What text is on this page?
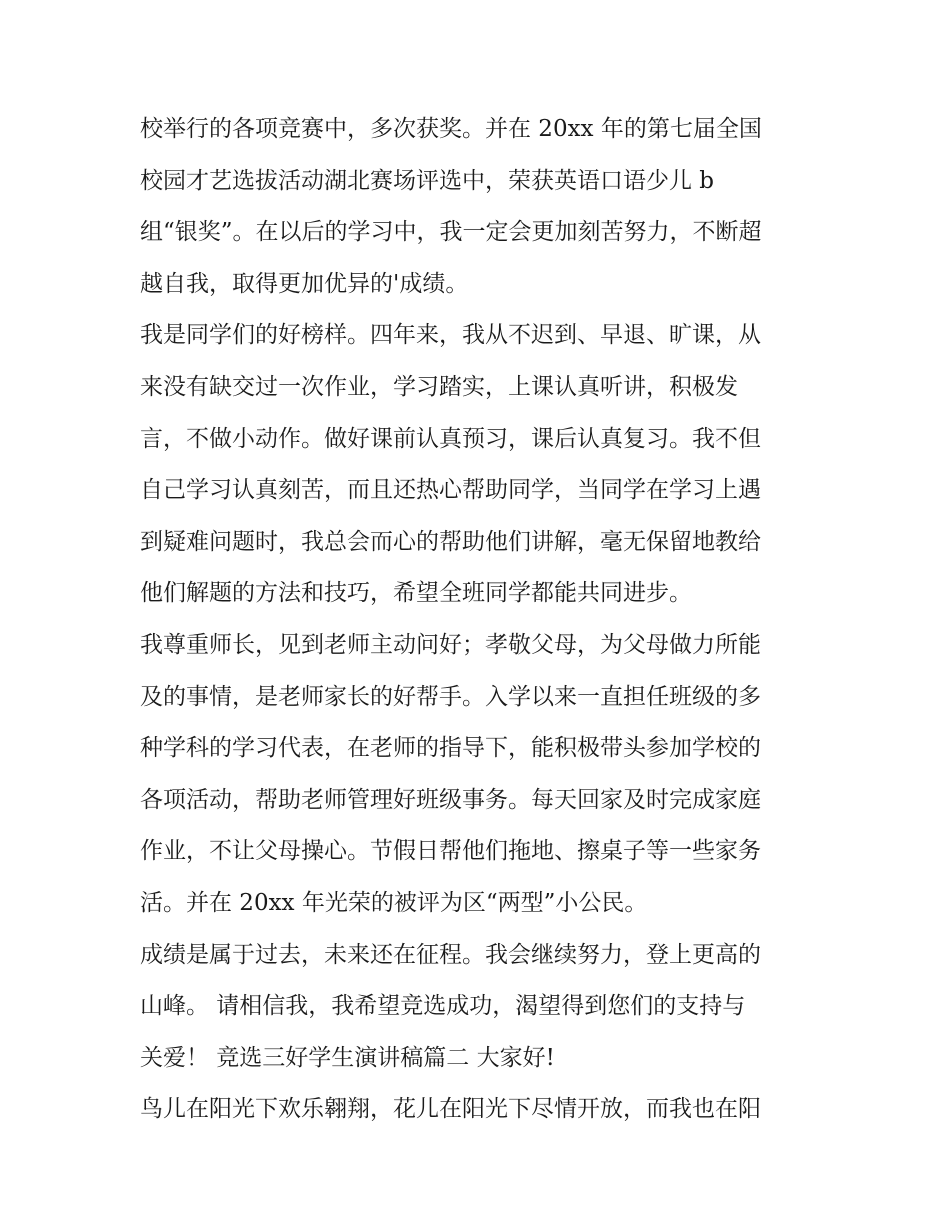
校举行的各项竞赛中，多次获奖。并在 20xx 年的第七届全国
校园才艺选拔活动湖北赛场评选中，荣获英语口语少儿 b
组“银奖”。在以后的学习中，我一定会更加刻苦努力，不断超
越自我，取得更加优异的'成绩。
我是同学们的好榜样。四年来，我从不迟到、早退、旷课，从
来没有缺交过一次作业，学习踏实，上课认真听讲，积极发
言，不做小动作。做好课前认真预习，课后认真复习。我不但
自己学习认真刻苦，而且还热心帮助同学，当同学在学习上遇
到疑难问题时，我总会而心的帮助他们讲解，毫无保留地教给
他们解题的方法和技巧，希望全班同学都能共同进步。
我尊重师长，见到老师主动问好；孝敬父母，为父母做力所能
及的事情，是老师家长的好帮手。入学以来一直担任班级的多
种学科的学习代表，在老师的指导下，能积极带头参加学校的
各项活动，帮助老师管理好班级事务。每天回家及时完成家庭
作业，不让父母操心。节假日帮他们拖地、擦桌子等一些家务
活。并在 20xx 年光荣的被评为区“两型”小公民。
成绩是属于过去，未来还在征程。我会继续努力，登上更高的
山峰。 请相信我，我希望竞选成功，渴望得到您们的支持与
关爱！ 竞选三好学生演讲稿篇二 大家好!
鸟儿在阳光下欢乐翱翔，花儿在阳光下尽情开放，而我也在阳
